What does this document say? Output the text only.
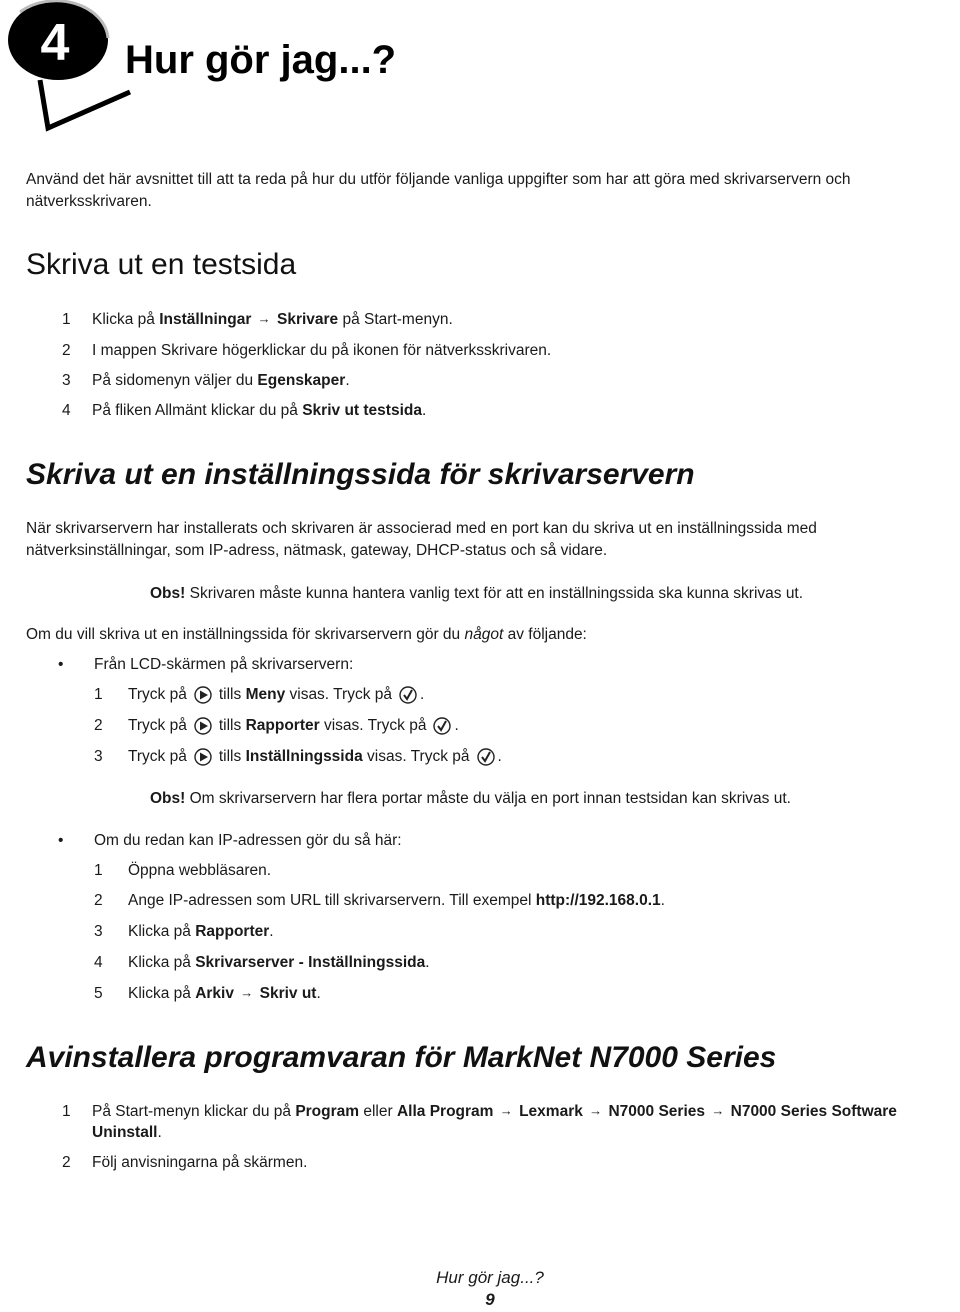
4 Hur gör jag...?

Använd det här avsnittet till att ta reda på hur du utför följande vanliga uppgifter som har att göra med skrivarservern och nätverksskrivaren.

Skriva ut en testsida
1 Klicka på Inställningar → Skrivare på Start-menyn.
2 I mappen Skrivare högerklickar du på ikonen för nätverksskrivaren.
3 På sidomenyn väljer du Egenskaper.
4 På fliken Allmänt klickar du på Skriv ut testsida.
Skriva ut en inställningssida för skrivarservern

När skrivarservern har installerats och skrivaren är associerad med en port kan du skriva ut en inställningssida med nätverksinställningar, som IP-adress, nätmask, gateway, DHCP-status och så vidare.

Obs! Skrivaren måste kunna hantera vanlig text för att en inställningssida ska kunna skrivas ut.
Om du vill skriva ut en inställningssida för skrivarservern gör du något av följande:
• Från LCD-skärmen på skrivarservern:
1 Tryck på tills Meny visas. Tryck på .
2 Tryck på tills Rapporter visas. Tryck på .
3 Tryck på tills Inställningssida visas. Tryck på .
Obs! Om skrivarservern har flera portar måste du välja en port innan testsidan kan skrivas ut.
• Om du redan kan IP-adressen gör du så här:
1 Öppna webbläsaren.
2 Ange IP-adressen som URL till skrivarservern. Till exempel http://192.168.0.1.
3 Klicka på Rapporter.
4 Klicka på Skrivarserver - Inställningssida.
5 Klicka på Arkiv → Skriv ut.
Avinstallera programvaran för MarkNet N7000 Series
1 På Start-menyn klickar du på Program eller Alla Program → Lexmark → N7000 Series → N7000 Series Software Uninstall.
2 Följ anvisningarna på skärmen.
Hur gör jag...?
9
